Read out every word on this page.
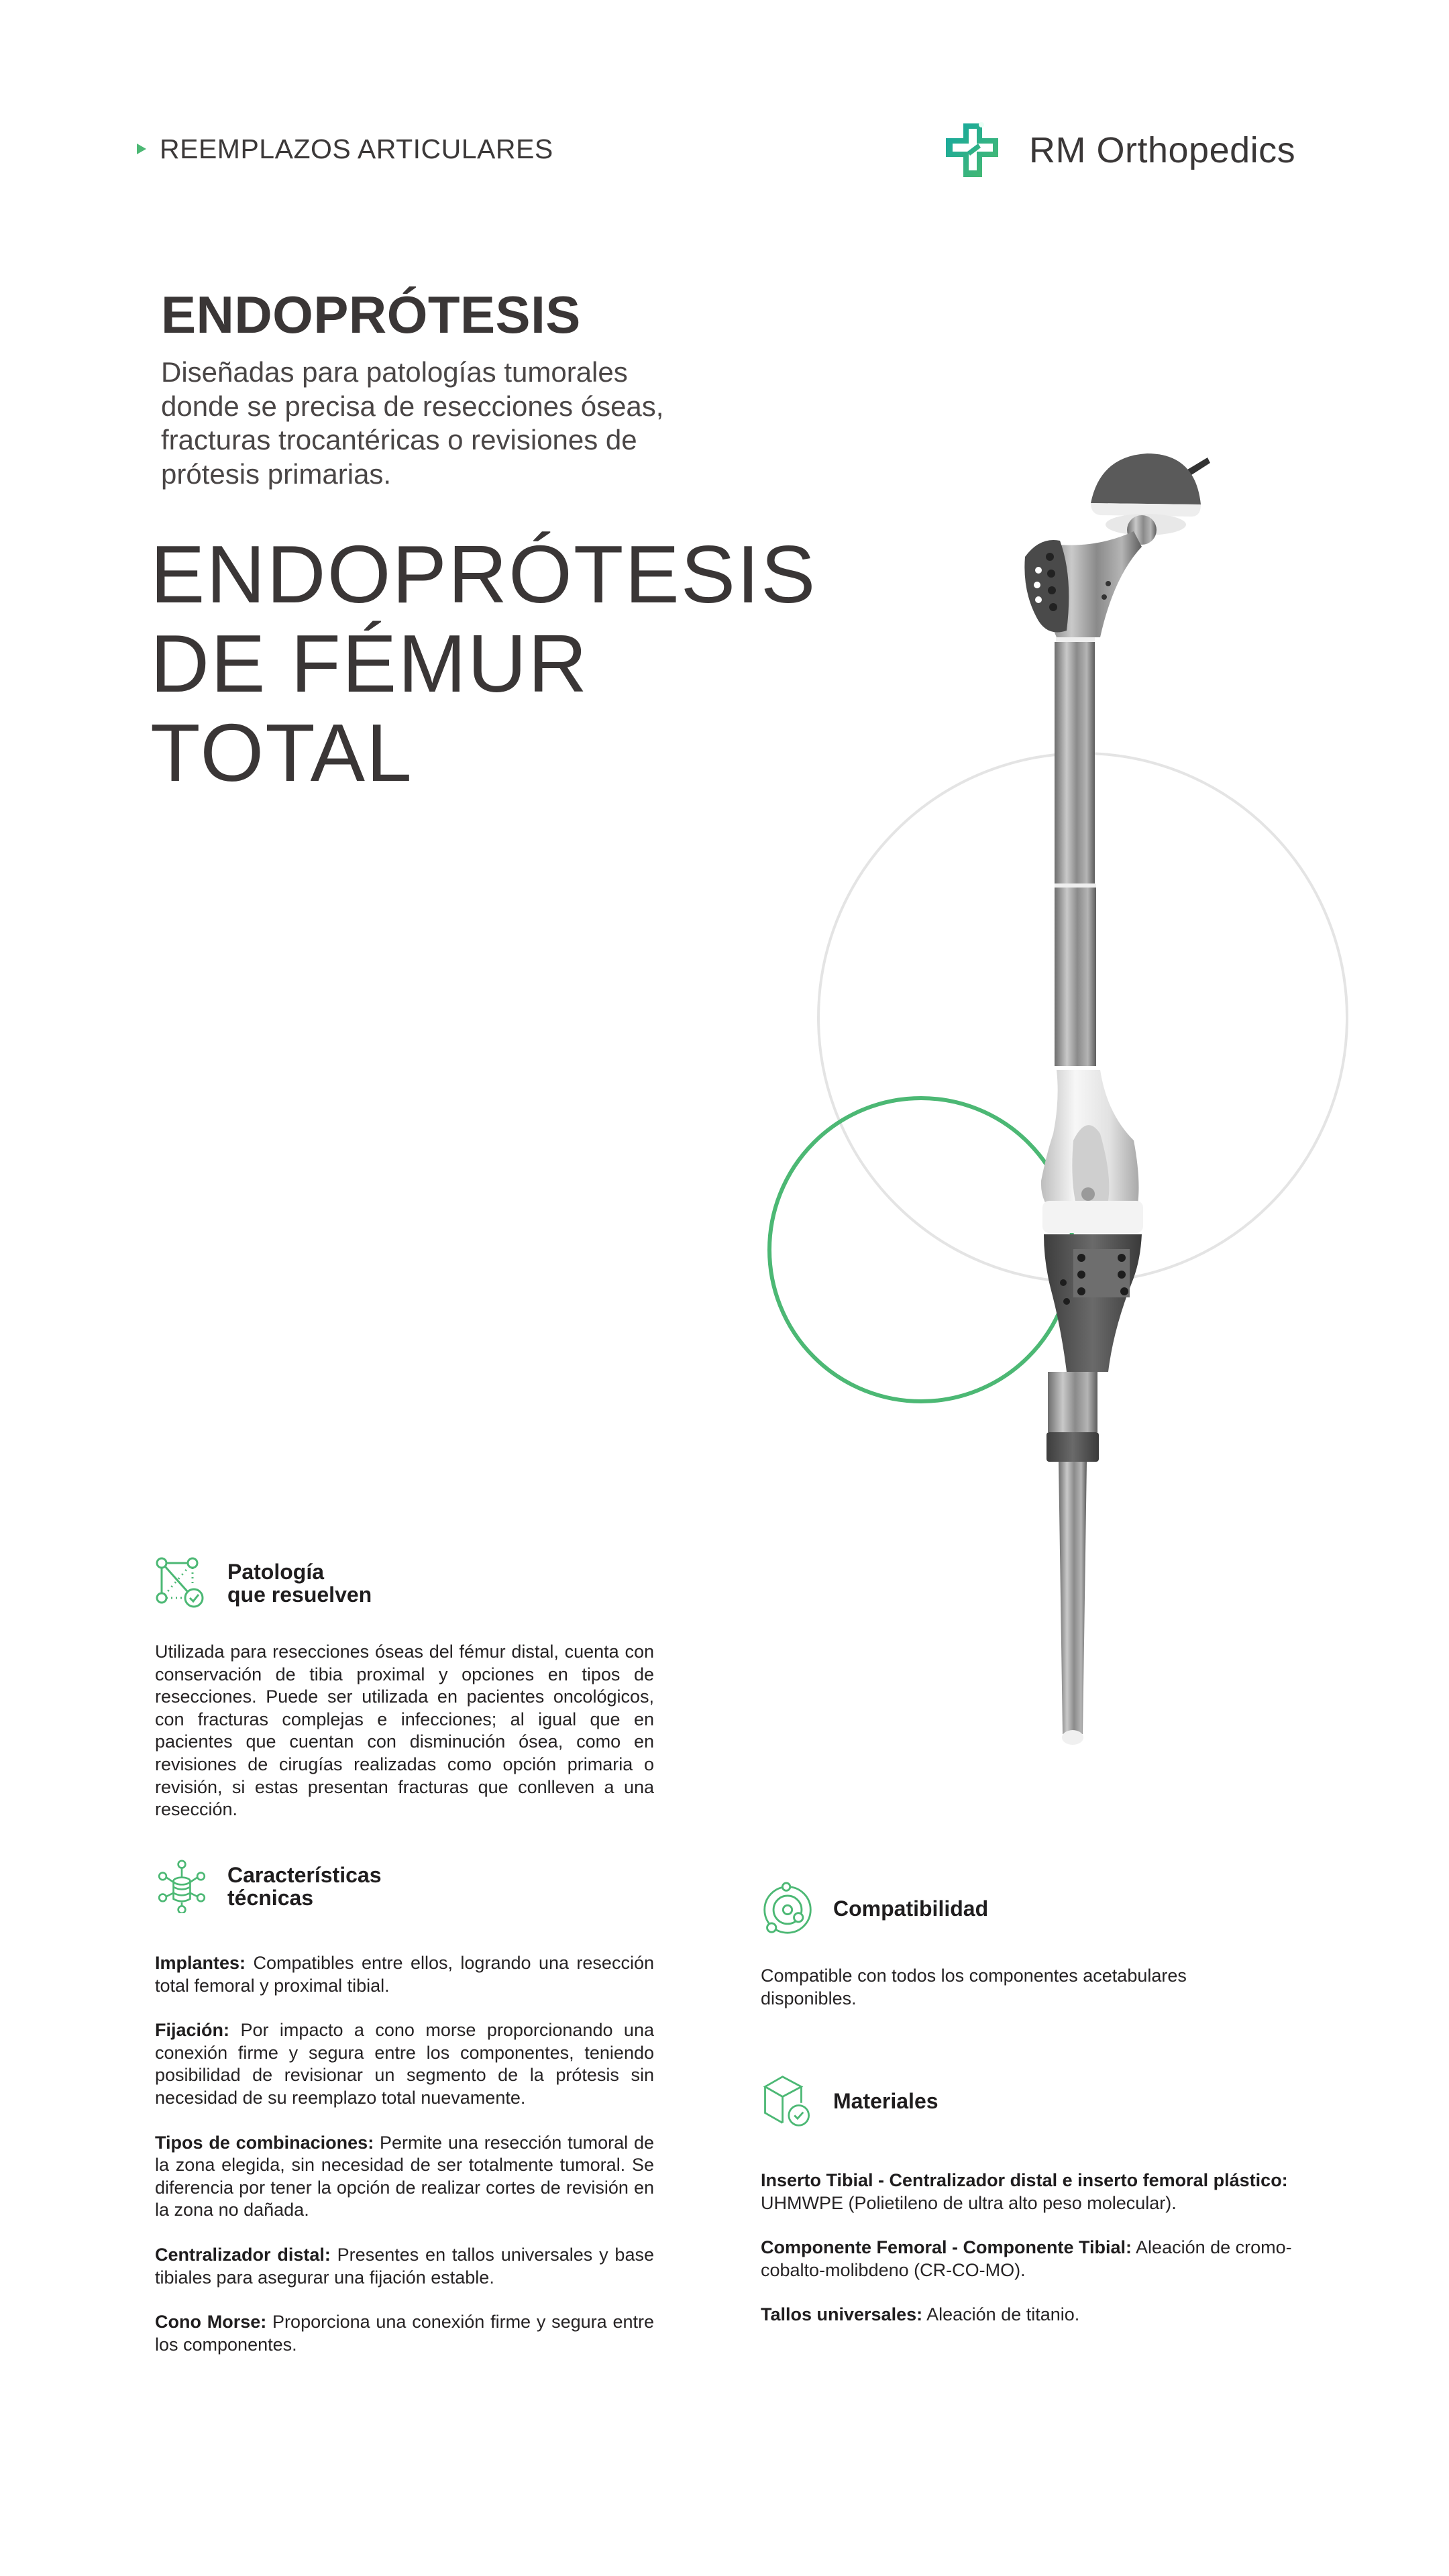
REEMPLAZOS ARTICULARES	RM Orthopedics
ENDOPRÓTESIS
Diseñadas para patologías tumorales
donde se precisa de resecciones óseas,
fracturas trocantéricas o revisiones de
prótesis primarias.
ENDOPRÓTESIS
DE FÉMUR
TOTAL
Patología
que resuelven

Utilizada para resecciones óseas del fémur distal, cuenta con conservación de tibia proximal y opciones en tipos de resecciones. Puede ser utilizada en pacientes oncológicos, con fracturas complejas e infecciones; al igual que en pacientes que cuentan con disminución ósea, como en revisiones de cirugías realizadas como opción primaria o revisión, si estas presentan fracturas que conlleven a una resección.

Características
técnicas

Implantes: Compatibles entre ellos, logrando una resección total femoral y proximal tibial.

Fijación: Por impacto a cono morse proporcionando una conexión firme y segura entre los componentes, teniendo posibilidad de revisionar un segmento de la prótesis sin necesidad de su reemplazo total nuevamente.

Tipos de combinaciones: Permite una resección tumoral de la zona elegida, sin necesidad de ser totalmente tumoral. Se diferencia por tener la opción de realizar cortes de revisión en la zona no dañada.

Centralizador distal: Presentes en tallos universales y base tibiales para asegurar una fijación estable.

Cono Morse: Proporciona una conexión firme y segura entre los componentes.

Compatibilidad

Compatible con todos los componentes acetabulares disponibles.

Materiales

Inserto Tibial - Centralizador distal e inserto femoral plástico:
UHMWPE (Polietileno de ultra alto peso molecular).

Componente Femoral - Componente Tibial: Aleación de cromo-cobalto-molibdeno (CR-CO-MO).

Tallos universales: Aleación de titanio.
